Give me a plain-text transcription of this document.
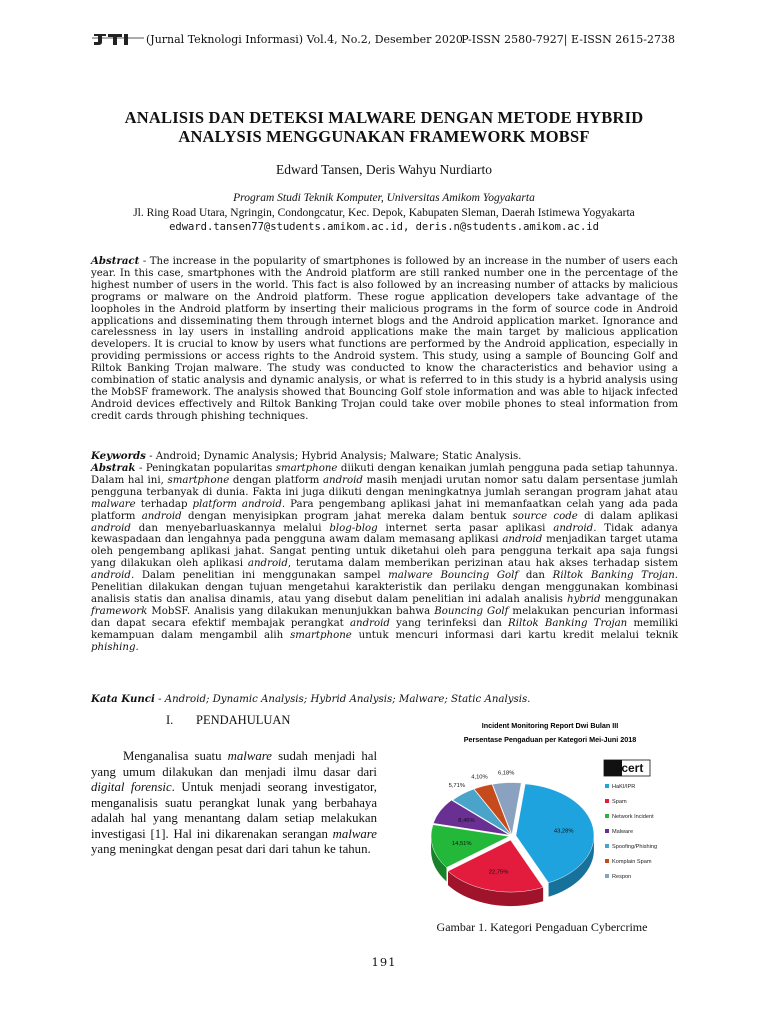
(Jurnal Teknologi Informasi) Vol.4, No.2, Desember 2020
P-ISSN 2580-7927| E-ISSN 2615-2738
ANALISIS DAN DETEKSI MALWARE DENGAN METODE HYBRID
ANALYSIS MENGGUNAKAN FRAMEWORK MOBSF
Edward Tansen, Deris Wahyu Nurdiarto
Program Studi Teknik Komputer, Universitas Amikom Yogyakarta
Jl. Ring Road Utara, Ngringin, Condongcatur, Kec. Depok, Kabupaten Sleman, Daerah Istimewa Yogyakarta
edward.tansen77@students.amikom.ac.id, deris.n@students.amikom.ac.id
Abstract - The increase in the popularity of smartphones is followed by an increase in the number of users each year. In this case, smartphones with the Android platform are still ranked number one in the percentage of the highest number of users in the world. This fact is also followed by an increasing number of attacks by malicious programs or malware on the Android platform. These rogue application developers take advantage of the loopholes in the Android platform by inserting their malicious programs in the form of source code in Android applications and disseminating them through internet blogs and the Android application market. Ignorance and carelessness in lay users in installing android applications make the main target by malicious application developers. It is crucial to know by users what functions are performed by the Android application, especially in providing permissions or access rights to the Android system. This study, using a sample of Bouncing Golf and Riltok Banking Trojan malware. The study was conducted to know the characteristics and behavior using a combination of static analysis and dynamic analysis, or what is referred to in this study is a hybrid analysis using the MobSF framework. The analysis showed that Bouncing Golf stole information and was able to hijack infected Android devices effectively and Riltok Banking Trojan could take over mobile phones to steal information from credit cards through phishing techniques.
Keywords - Android; Dynamic Analysis; Hybrid Analysis; Malware; Static Analysis.
Abstrak - Peningkatan popularitas smartphone diikuti dengan kenaikan jumlah pengguna pada setiap tahunnya. Dalam hal ini, smartphone dengan platform android masih menjadi urutan nomor satu dalam persentase jumlah pengguna terbanyak di dunia. Fakta ini juga diikuti dengan meningkatnya jumlah serangan program jahat atau malware terhadap platform android. Para pengembang aplikasi jahat ini memanfaatkan celah yang ada pada platform android dengan menyisipkan program jahat mereka dalam bentuk source code di dalam aplikasi android dan menyebarluaskannya melalui blog-blog internet serta pasar aplikasi android. Tidak adanya kewaspadaan dan lengahnya pada pengguna awam dalam memasang aplikasi android menjadikan target utama oleh pengembang aplikasi jahat. Sangat penting untuk diketahui oleh para pengguna terkait apa saja fungsi yang dilakukan oleh aplikasi android, terutama dalam memberikan perizinan atau hak akses terhadap sistem android. Dalam penelitian ini menggunakan sampel malware Bouncing Golf dan Riltok Banking Trojan. Penelitian dilakukan dengan tujuan mengetahui karakteristik dan perilaku dengan menggunakan kombinasi analisis statis dan analisa dinamis, atau yang disebut dalam penelitian ini adalah analisis hybrid menggunakan framework MobSF. Analisis yang dilakukan menunjukkan bahwa Bouncing Golf melakukan pencurian informasi dan dapat secara efektif membajak perangkat android yang terinfeksi dan Riltok Banking Trojan memiliki kemampuan dalam mengambil alih smartphone untuk mencuri informasi dari kartu kredit melalui teknik phishing.
Kata Kunci - Android; Dynamic Analysis; Hybrid Analysis; Malware; Static Analysis.
I. PENDAHULUAN
Menganalisa suatu malware sudah menjadi hal yang umum dilakukan dan menjadi ilmu dasar dari digital forensic. Untuk menjadi seorang investigator, menganalisis suatu perangkat lunak yang berbahaya adalah hal yang menantang dalam setiap melakukan investigasi [1]. Hal ini dikarenakan serangan malware yang meningkat dengan pesat dari dari tahun ke tahun.
Incident Monitoring Report Dwi Bulan III
Persentase Pengaduan per Kategori Mei-Juni 2018
43,28%
22,75%
14,51%
8,46%
5,71%
4,10%
6,18%	idcert
HaKI/IPR
Spam
Network Incident
Malware
Spoofing/Phishing
Komplain Spam
Respon
Gambar 1. Kategori Pengaduan Cybercrime
191
